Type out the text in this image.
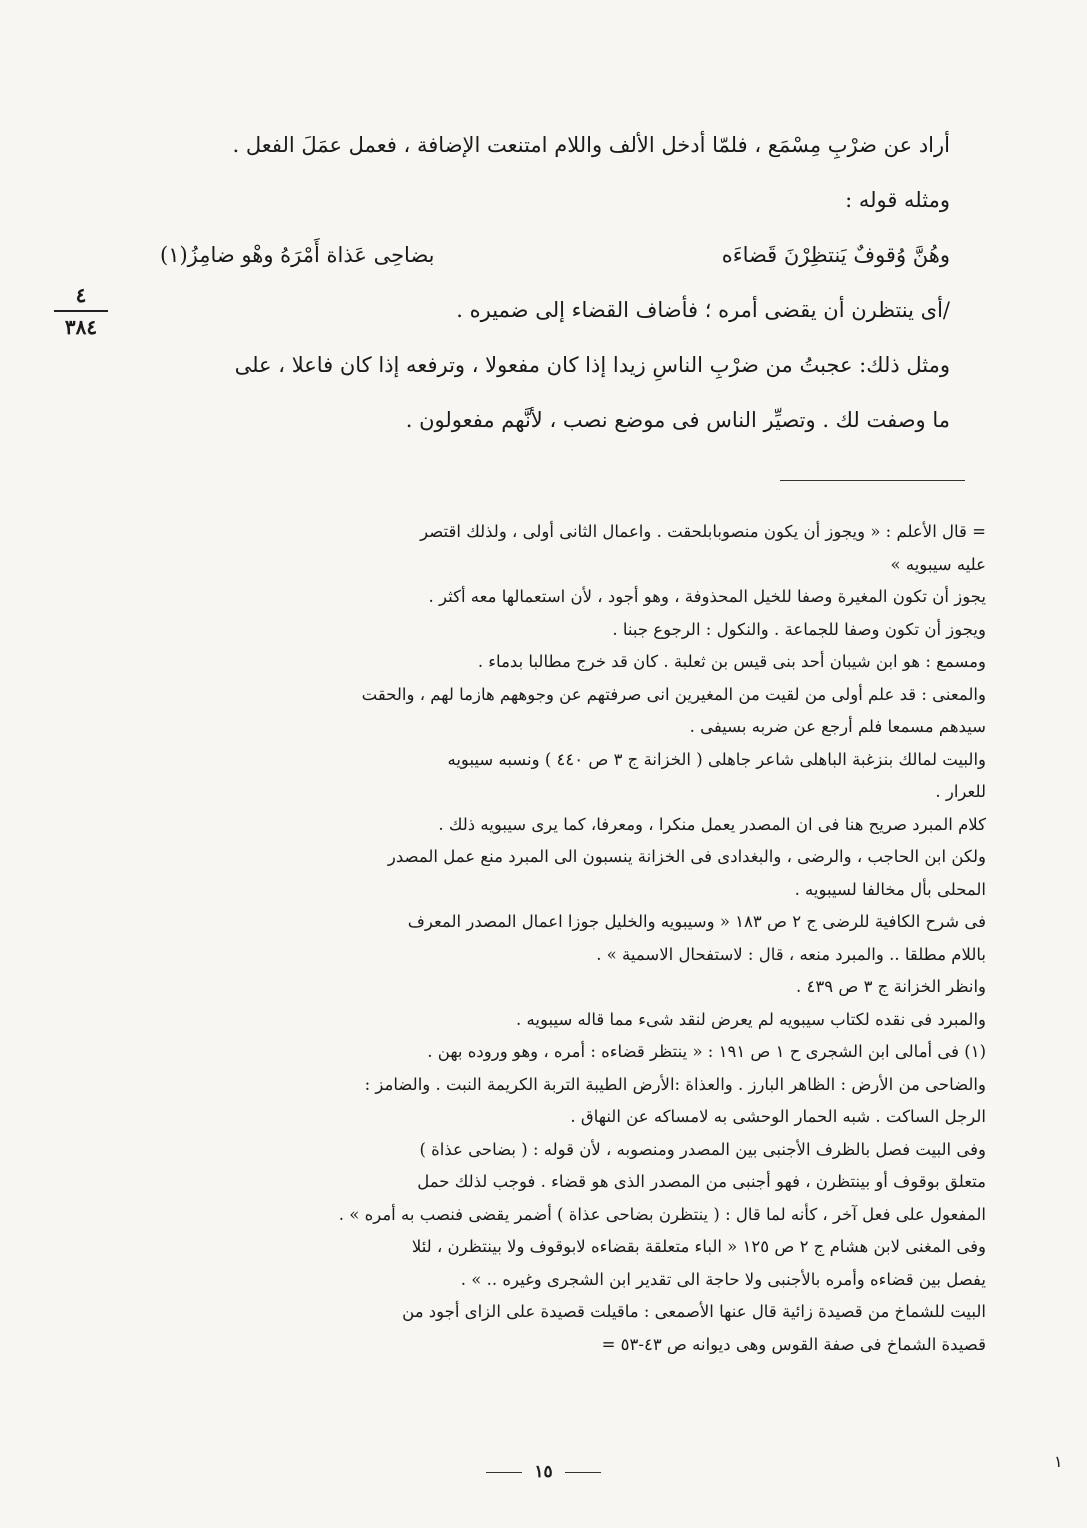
أراد عن ضرْبِ مِسْمَع ، فلمّا أدخل الألف واللام امتنعت الإضافة ، فعمل عمَلَ الفعل .

ومثله قوله :

وهُنَّ وُقوفٌ يَنتظِرْنَ قَضاءَه
بضاحِى عَذاة أَمْرَهُ وهْو ضامِزُ(١)

/أى ينتظرن أن يقضى أمره ؛ فأضاف القضاء إلى ضميره .

ومثل ذلك: عجبتُ من ضرْبِ الناسِ زيدا إذا كان مفعولا ، وترفعه إذا كان فاعلا ، على

ما وصفت لك . وتصيِّر الناس فى موضع نصب ، لأنَّهم مفعولون .

٤
٣٨٤

= قال الأعلم : « ويجوز أن يكون منصوبابلحقت . واعمال الثانى أولى ، ولذلك اقتصر

عليه سيبويه »

يجوز أن تكون المغيرة وصفا للخيل المحذوفة ، وهو أجود ، لأن استعمالها معه أكثر .

ويجوز أن تكون وصفا للجماعة . والنكول : الرجوع جبنا .

ومسمع : هو ابن شيبان أحد بنى قيس بن ثعلبة . كان قد خرج مطالبا بدماء .

والمعنى : قد علم أولى من لقيت من المغيرين انى صرفتهم عن وجوههم هازما لهم ، والحقت

سيدهم مسمعا فلم أرجع عن ضربه بسيفى .

والبيت لمالك بنزغبة الباهلى شاعر جاهلى ( الخزانة ج ٣ ص ٤٤٠ ) ونسبه سيبويه

للعرار .

كلام المبرد صريح هنا فى ان المصدر يعمل منكرا ، ومعرفا، كما يرى سيبويه ذلك .

ولكن ابن الحاجب ، والرضى ، والبغدادى فى الخزانة ينسبون الى المبرد منع عمل المصدر

المحلى بأل مخالفا لسيبويه .

فى شرح الكافية للرضى ج ٢ ص ١٨٣ « وسيبويه والخليل جوزا اعمال المصدر المعرف

باللام مطلقا .. والمبرد منعه ، قال : لاستفحال الاسمية » .

وانظر الخزانة ج ٣ ص ٤٣٩ .

والمبرد فى نقده لكتاب سيبويه لم يعرض لنقد شىء مما قاله سيبويه .

(١) فى أمالى ابن الشجرى ح ١ ص ١٩١ : « ينتظر قضاءه : أمره ، وهو وروده بهن .

والضاحى من الأرض : الظاهر البارز . والعذاة :الأرض الطيبة التربة الكريمة النبت . والضامز :

الرجل الساكت . شبه الحمار الوحشى به لامساكه عن النهاق .

وفى البيت فصل بالظرف الأجنبى بين المصدر ومنصوبه ، لأن قوله : ( بضاحى عذاة )

متعلق بوقوف أو بينتظرن ، فهو أجنبى من المصدر الذى هو قضاء . فوجب لذلك حمل

المفعول على فعل آخر ، كأنه لما قال : ( ينتظرن بضاحى عذاة ) أضمر يقضى فنصب به أمره » .

وفى المغنى لابن هشام ج ٢ ص ١٢٥ « الباء متعلقة بقضاءه لابوقوف ولا بينتظرن ، لئلا

يفصل بين قضاءه وأمره بالأجنبى ولا حاجة الى تقدير ابن الشجرى وغيره .. » .

البيت للشماخ من قصيدة زائية قال عنها الأصمعى : ماقيلت قصيدة على الزاى أجود من

قصيدة الشماخ فى صفة القوس وهى ديوانه ص ٤٣-٥٣ =

١٥
١
